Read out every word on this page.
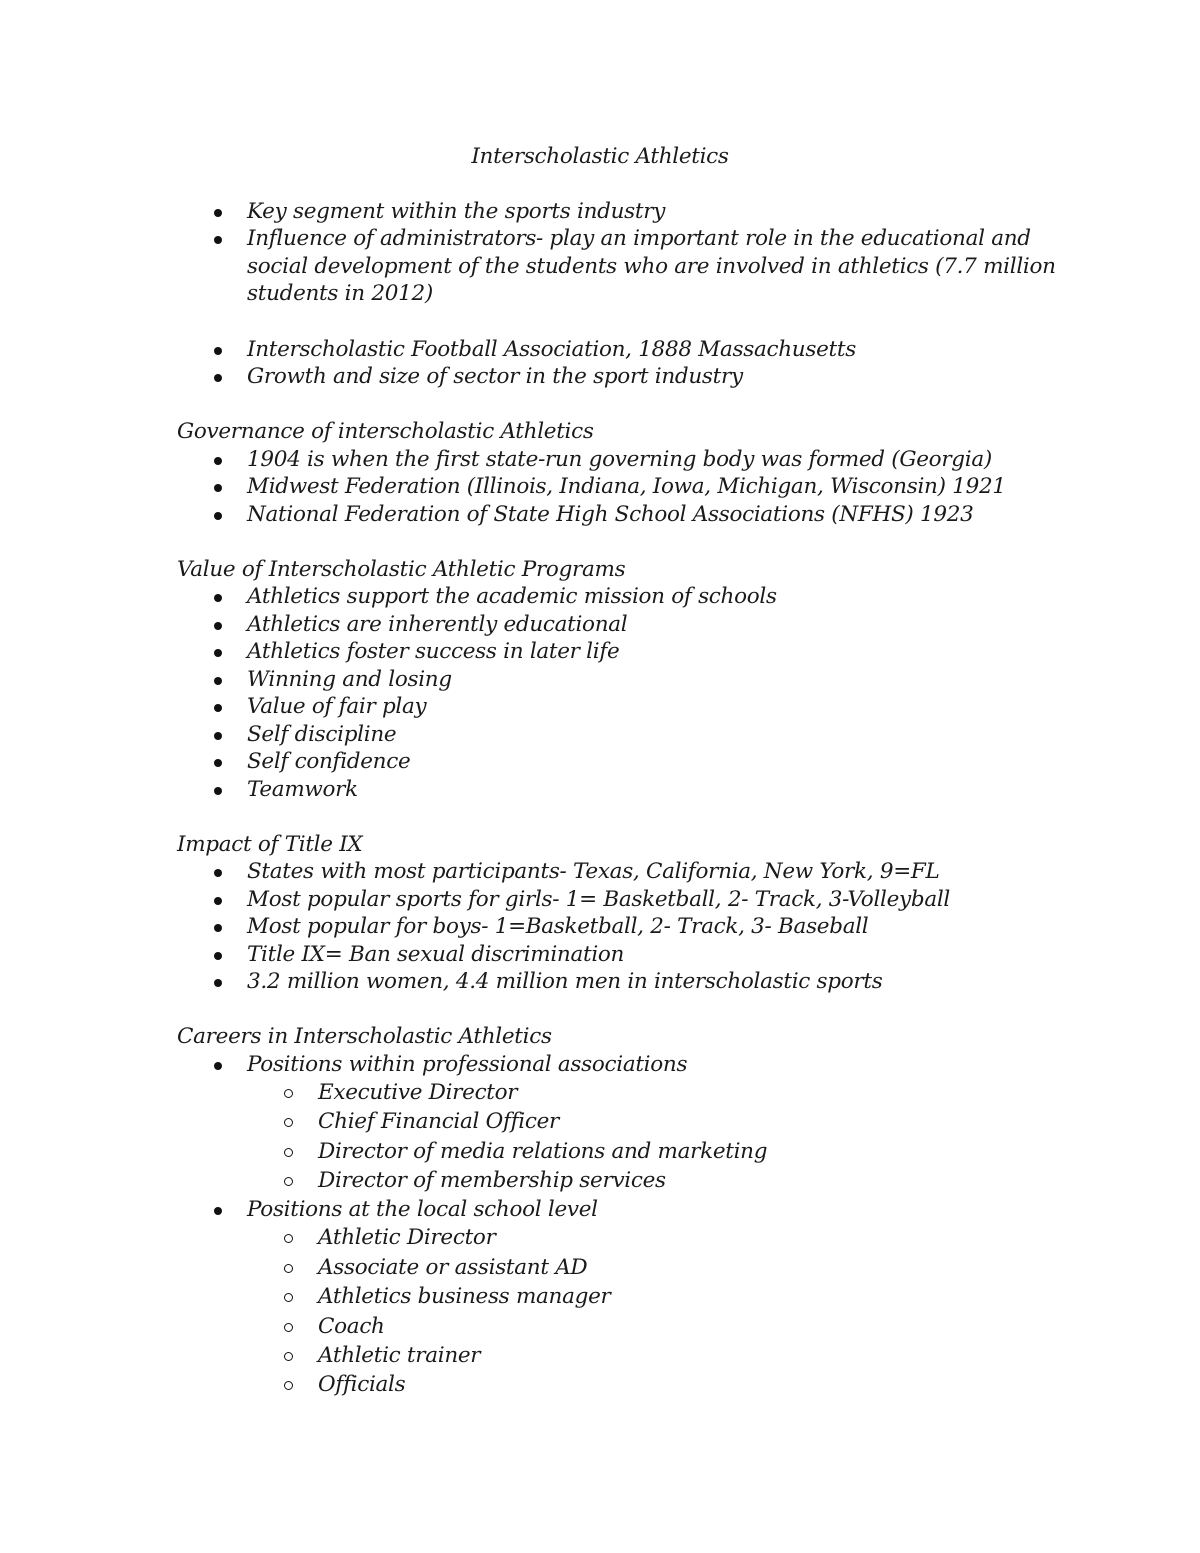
Interscholastic Athletics
Key segment within the sports industry
Influence of administrators- play an important role in the educational and
social development of the students who are involved in athletics (7.7 million
students in 2012)
Interscholastic Football Association, 1888 Massachusetts
Growth and size of sector in the sport industry
Governance of interscholastic Athletics
1904 is when the first state-run governing body was formed (Georgia)
Midwest Federation (Illinois, Indiana, Iowa, Michigan, Wisconsin) 1921
National Federation of State High School Associations (NFHS) 1923
Value of Interscholastic Athletic Programs
Athletics support the academic mission of schools
Athletics are inherently educational
Athletics foster success in later life
Winning and losing
Value of fair play
Self discipline
Self confidence
Teamwork
Impact of Title IX
States with most participants- Texas, California, New York, 9=FL
Most popular sports for girls- 1= Basketball, 2- Track, 3-Volleyball
Most popular for boys- 1=Basketball, 2- Track, 3- Baseball
Title IX= Ban sexual discrimination
3.2 million women, 4.4 million men in interscholastic sports
Careers in Interscholastic Athletics
Positions within professional associations
Executive Director
Chief Financial Officer
Director of media relations and marketing
Director of membership services
Positions at the local school level
Athletic Director
Associate or assistant AD
Athletics business manager
Coach
Athletic trainer
Officials
